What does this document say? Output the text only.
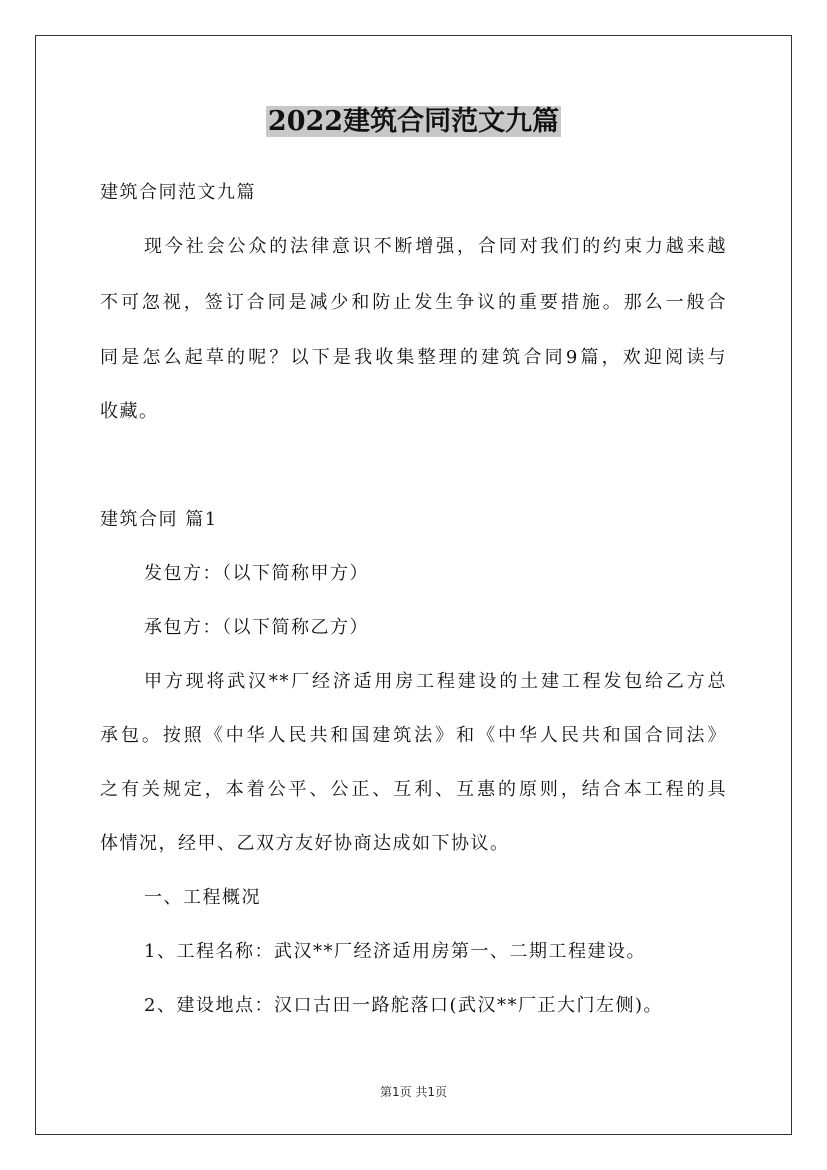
2022建筑合同范文九篇

建筑合同范文九篇

现今社会公众的法律意识不断增强，合同对我们的约束力越来越

不可忽视，签订合同是减少和防止发生争议的重要措施。那么一般合

同是怎么起草的呢？以下是我收集整理的建筑合同9篇，欢迎阅读与

收藏。

建筑合同 篇1

发包方：（以下简称甲方）

承包方：（以下简称乙方）

甲方现将武汉**厂经济适用房工程建设的土建工程发包给乙方总

承包。按照《中华人民共和国建筑法》和《中华人民共和国合同法》

之有关规定，本着公平、公正、互利、互惠的原则，结合本工程的具

体情况，经甲、乙双方友好协商达成如下协议。

一、工程概况

1、工程名称：武汉**厂经济适用房第一、二期工程建设。

2、建设地点：汉口古田一路舵落口(武汉**厂正大门左侧)。

第1页 共1页
